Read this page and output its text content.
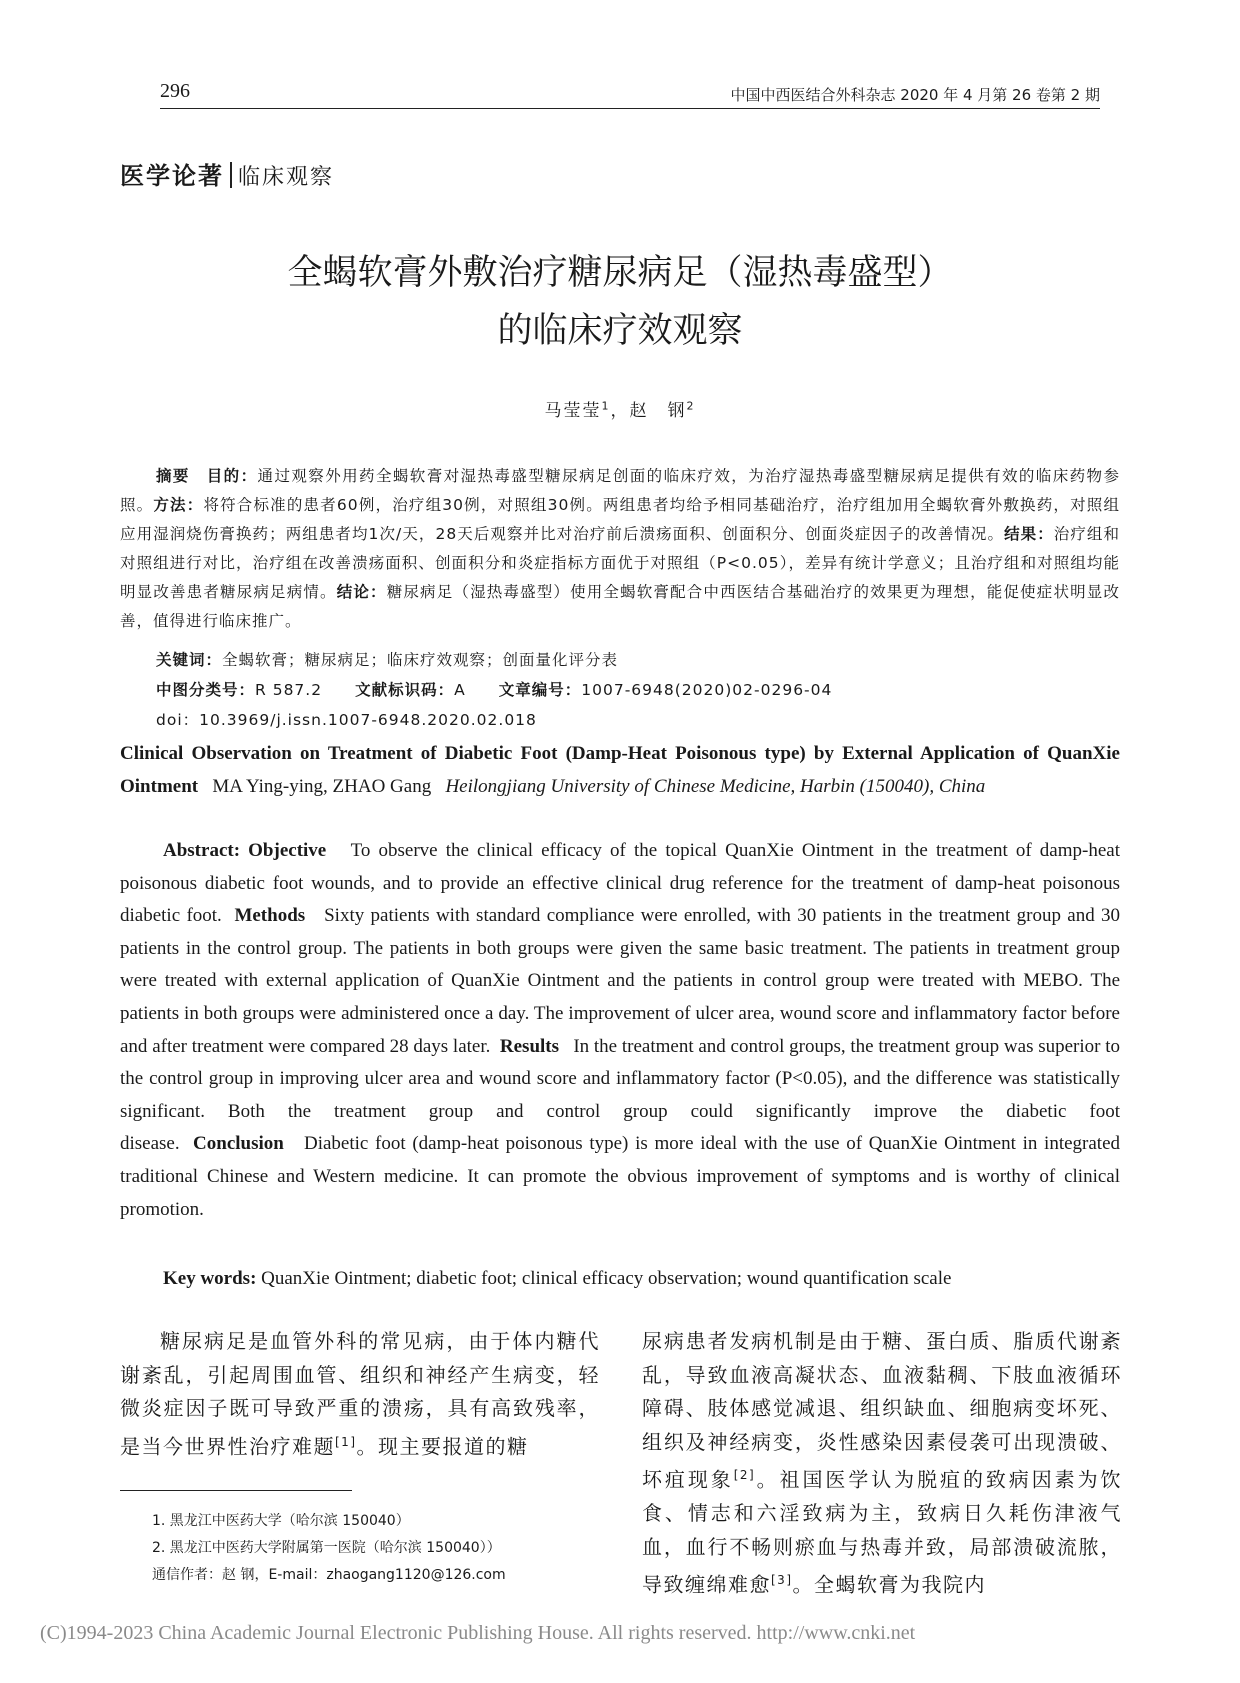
296	中国中西医结合外科杂志 2020 年 4 月第 26 卷第 2 期
医学论著 临床观察
全蝎软膏外敷治疗糖尿病足（湿热毒盛型）
的临床疗效观察
马莹莹$^1$，赵　钢$^2$
摘要　 目的：通过观察外用药全蝎软膏对湿热毒盛型糖尿病足创面的临床疗效，为治疗湿热毒盛型糖尿病足提供有效的临床药物参照。方法：将符合标准的患者60例，治疗组30例，对照组30例。两组患者均给予相同基础治疗，治疗组加用全蝎软膏外敷换药，对照组应用湿润烧伤膏换药；两组患者均1次/天，28天后观察并比对治疗前后溃疡面积、创面积分、创面炎症因子的改善情况。结果：治疗组和对照组进行对比，治疗组在改善溃疡面积、创面积分和炎症指标方面优于对照组（P<0.05），差异有统计学意义；且治疗组和对照组均能明显改善患者糖尿病足病情。结论：糖尿病足（湿热毒盛型）使用全蝎软膏配合中西医结合基础治疗的效果更为理想，能促使症状明显改善，值得进行临床推广。
关键词：全蝎软膏；糖尿病足；临床疗效观察；创面量化评分表
中图分类号：R 587.2　　 文献标识码：A　　 文章编号：1007-6948(2020)02-0296-04
doi：10.3969/j.issn.1007-6948.2020.02.018
Clinical Observation on Treatment of Diabetic Foot (Damp-Heat Poisonous type) by External Application of QuanXie Ointment MA Ying-ying, ZHAO Gang Heilongjiang University of Chinese Medicine, Harbin (150040), China
Abstract: Objective To observe the clinical efficacy of the topical QuanXie Ointment in the treatment of damp-heat poisonous diabetic foot wounds, and to provide an effective clinical drug reference for the treatment of damp-heat poisonous diabetic foot. Methods Sixty patients with standard compliance were enrolled, with 30 patients in the treatment group and 30 patients in the control group. The patients in both groups were given the same basic treatment. The patients in treatment group were treated with external application of QuanXie Ointment and the patients in control group were treated with MEBO. The patients in both groups were administered once a day. The improvement of ulcer area, wound score and inflammatory factor before and after treatment were compared 28 days later. Results In the treatment and control groups, the treatment group was superior to the control group in improving ulcer area and wound score and inflammatory factor (P<0.05), and the difference was statistically significant. Both the treatment group and control group could significantly improve the diabetic foot disease. Conclusion Diabetic foot (damp-heat poisonous type) is more ideal with the use of QuanXie Ointment in integrated traditional Chinese and Western medicine. It can promote the obvious improvement of symptoms and is worthy of clinical promotion.
Key words: QuanXie Ointment; diabetic foot; clinical efficacy observation; wound quantification scale
糖尿病足是血管外科的常见病，由于体内糖代谢紊乱，引起周围血管、组织和神经产生病变，轻微炎症因子既可导致严重的溃疡，具有高致残率，是当今世界性治疗难题[1]。现主要报道的糖
尿病患者发病机制是由于糖、蛋白质、脂质代谢紊乱，导致血液高凝状态、血液黏稠、下肢血液循环障碍、肢体感觉减退、组织缺血、细胞病变坏死、组织及神经病变，炎性感染因素侵袭可出现溃破、坏疽现象[2]。祖国医学认为脱疽的致病因素为饮食、情志和六淫致病为主，致病日久耗伤津液气血，血行不畅则瘀血与热毒并致，局部溃破流脓，导致缠绵难愈[3]。全蝎软膏为我院内
1. 黑龙江中医药大学（哈尔滨 150040）
2. 黑龙江中医药大学附属第一医院（哈尔滨 150040））
通信作者：赵 钢，E-mail：zhaogang1120@126.com
(C)1994-2023 China Academic Journal Electronic Publishing House. All rights reserved. http://www.cnki.net
